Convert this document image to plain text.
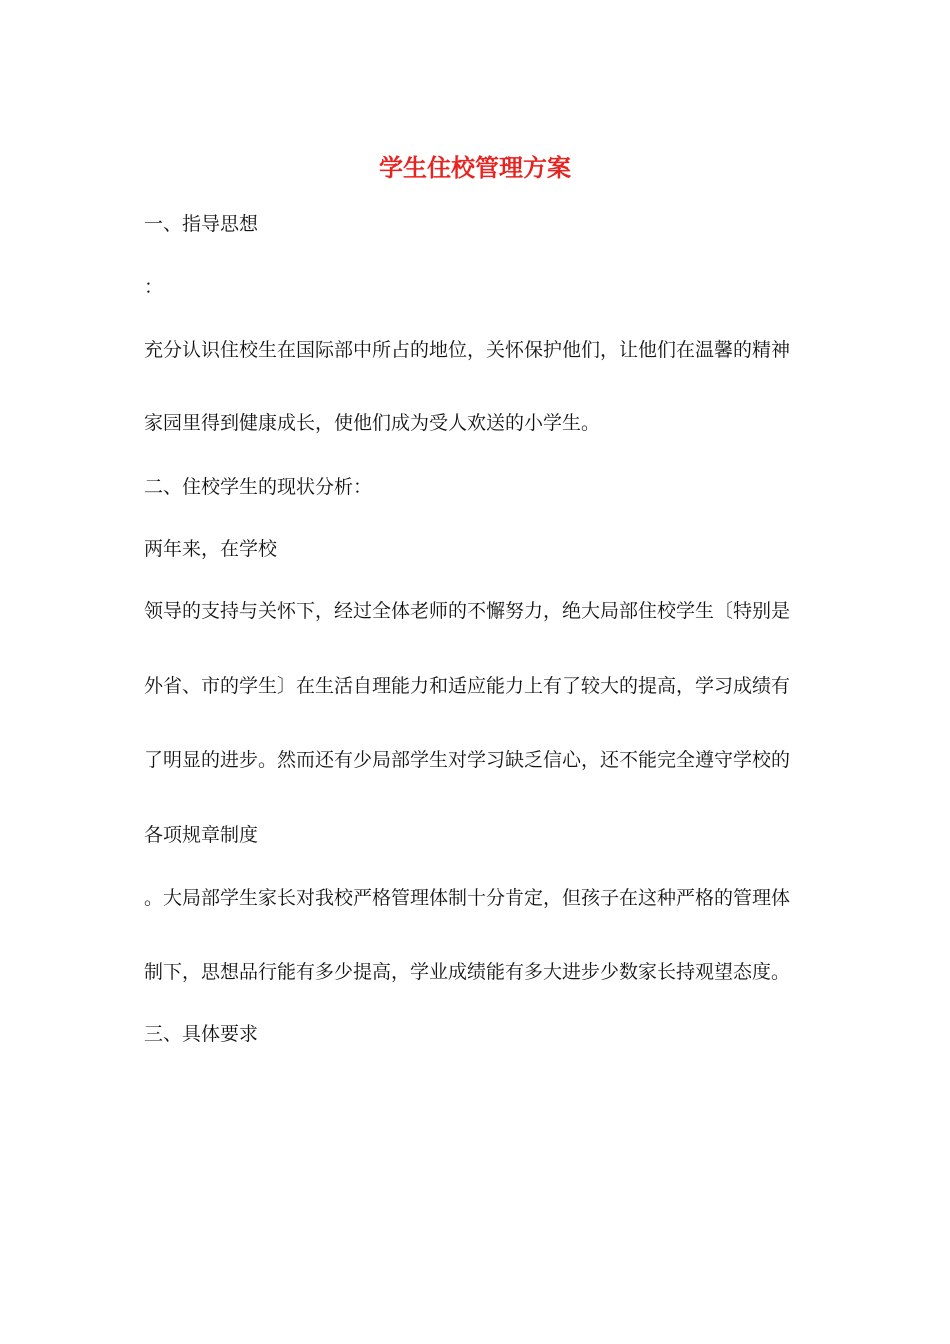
学生住校管理方案
一、指导思想
：
充分认识住校生在国际部中所占的地位，关怀保护他们，让他们在温馨的精神
家园里得到健康成长，使他们成为受人欢送的小学生。
二、住校学生的现状分析：
两年来，在学校
领导的支持与关怀下，经过全体老师的不懈努力，绝大局部住校学生〔特别是
外省、市的学生〕在生活自理能力和适应能力上有了较大的提高，学习成绩有
了明显的进步。然而还有少局部学生对学习缺乏信心，还不能完全遵守学校的
各项规章制度
。大局部学生家长对我校严格管理体制十分肯定，但孩子在这种严格的管理体
制下，思想品行能有多少提高，学业成绩能有多大进步少数家长持观望态度。
三、具体要求
